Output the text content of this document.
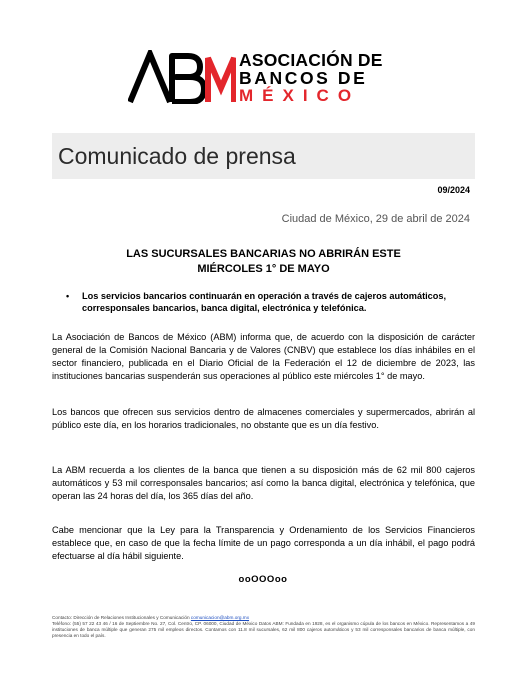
ASOCIACIÓN DE
BANCOS DE
MÉXICO
Comunicado de prensa
09/2024
Ciudad de México, 29 de abril de 2024
LAS SUCURSALES BANCARIAS NO ABRIRÁN ESTE
MIÉRCOLES 1° DE MAYO
• Los servicios bancarios continuarán en operación a través de cajeros automáticos, corresponsales bancarios, banca digital, electrónica y telefónica.

La Asociación de Bancos de México (ABM) informa que, de acuerdo con la disposición de carácter general de la Comisión Nacional Bancaria y de Valores (CNBV) que establece los días inhábiles en el sector financiero, publicada en el Diario Oficial de la Federación el 12 de diciembre de 2023, las instituciones bancarias suspenderán sus operaciones al público este miércoles 1° de mayo.

Los bancos que ofrecen sus servicios dentro de almacenes comerciales y supermercados, abrirán al público este día, en los horarios tradicionales, no obstante que es un día festivo.

La ABM recuerda a los clientes de la banca que tienen a su disposición más de 62 mil 800 cajeros automáticos y 53 mil corresponsales bancarios; así como la banca digital, electrónica y telefónica, que operan las 24 horas del día, los 365 días del año.

Cabe mencionar que la Ley para la Transparencia y Ordenamiento de los Servicios Financieros establece que, en caso de que la fecha límite de un pago corresponda a un día inhábil, el pago podrá efectuarse al día hábil siguiente.

ooOOOoo
Contacto: Dirección de Relaciones Institucionales y Comunicación comunicacion@abm.org.mx
Teléfono: (55) 57 22 43 46 / 16 de Septiembre No. 27, Col. Centro, CP. 06000, Ciudad de México Datos ABM: Fundada en 1928, es el organismo cúpula de los bancos en México. Representamos a 49 instituciones de banca múltiple que generan 275 mil empleos directos. Contamos con 11.8 mil sucursales, 62 mil 800 cajeros automáticos y 53 mil corresponsales bancarios de banca múltiple, con presencia en todo el país.
